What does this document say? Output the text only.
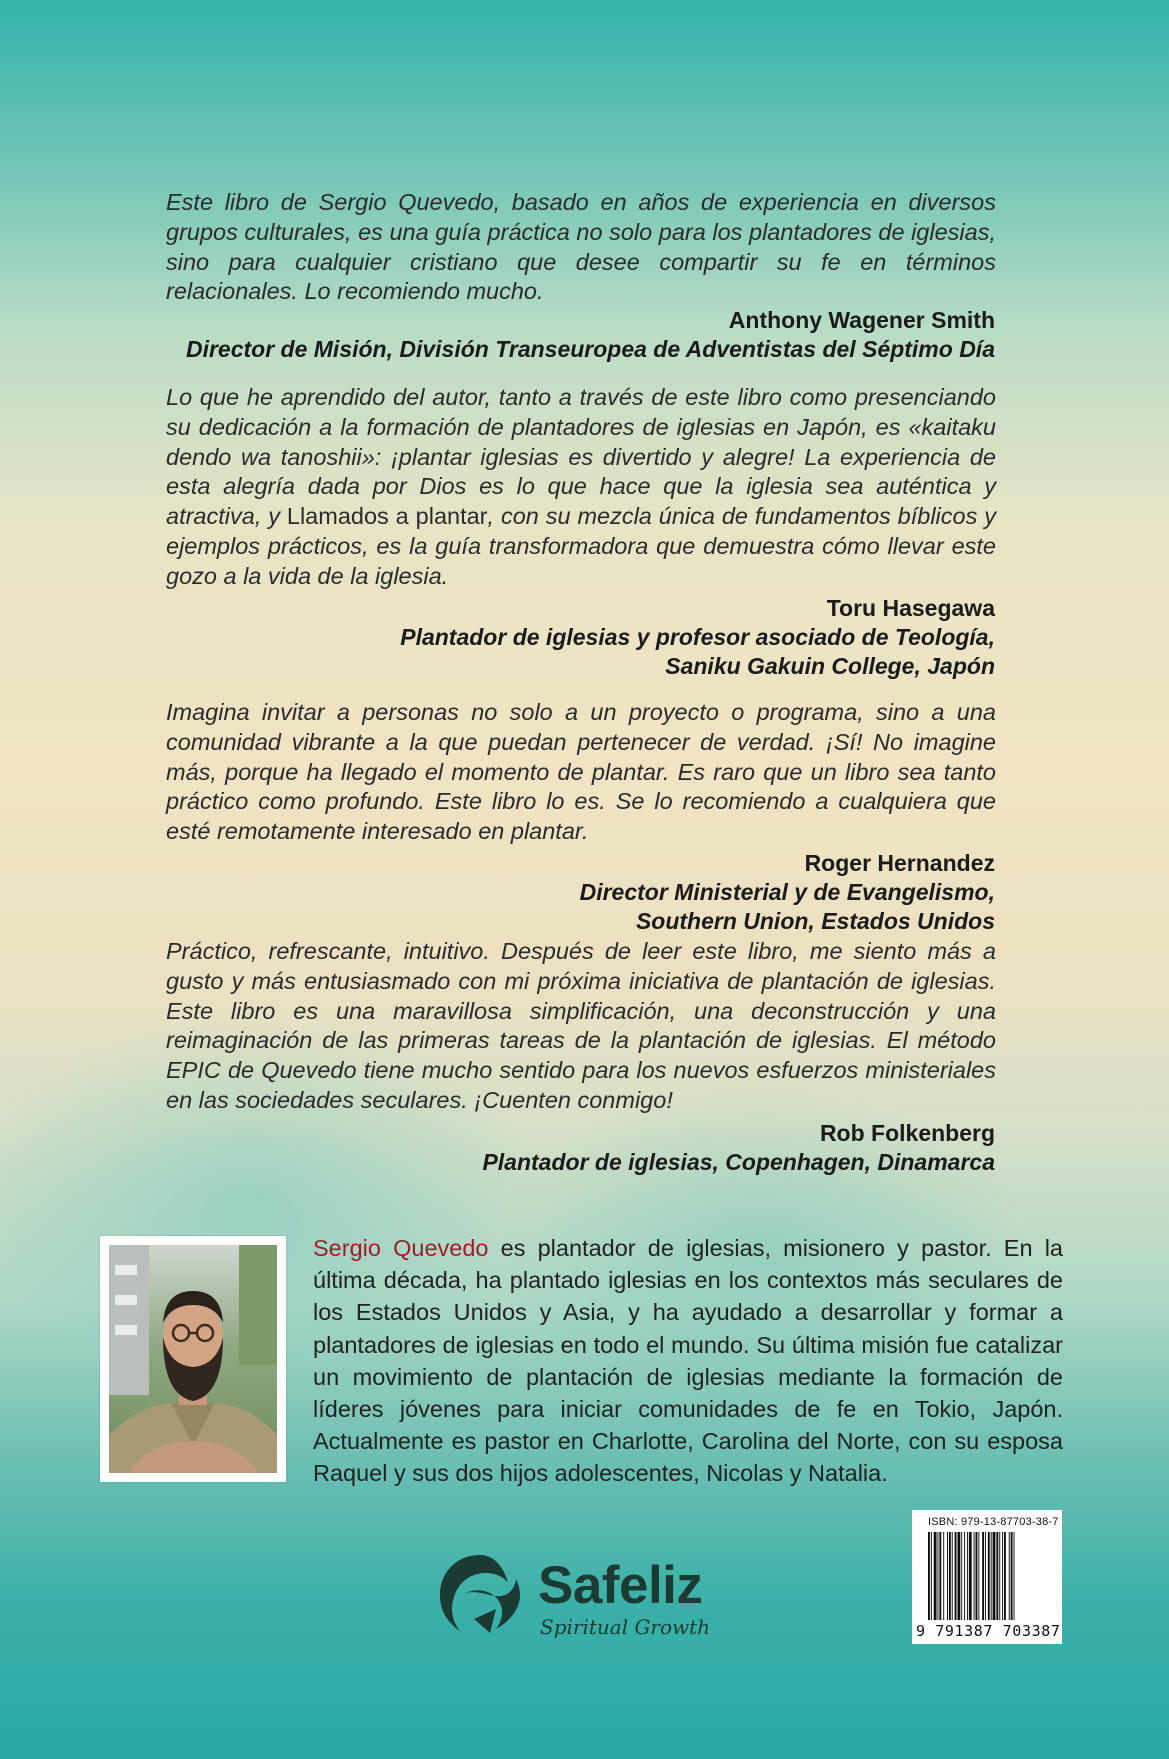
Este libro de Sergio Quevedo, basado en años de experiencia en diversos grupos culturales, es una guía práctica no solo para los plantadores de iglesias, sino para cualquier cristiano que desee compartir su fe en términos relacionales. Lo recomiendo mucho.

Anthony Wagener Smith
Director de Misión, División Transeuropea de Adventistas del Séptimo Día

Lo que he aprendido del autor, tanto a través de este libro como presenciando su dedicación a la formación de plantadores de iglesias en Japón, es «kaitaku dendo wa tanoshii»: ¡plantar iglesias es divertido y alegre! La experiencia de esta alegría dada por Dios es lo que hace que la iglesia sea auténtica y atractiva, y Llamados a plantar, con su mezcla única de fundamentos bíblicos y ejemplos prácticos, es la guía transformadora que demuestra cómo llevar este gozo a la vida de la iglesia.

Toru Hasegawa
Plantador de iglesias y profesor asociado de Teología,
Saniku Gakuin College, Japón

Imagina invitar a personas no solo a un proyecto o programa, sino a una comunidad vibrante a la que puedan pertenecer de verdad. ¡Sí! No imagine más, porque ha llegado el momento de plantar. Es raro que un libro sea tanto práctico como profundo. Este libro lo es. Se lo recomiendo a cualquiera que esté remotamente interesado en plantar.

Roger Hernandez
Director Ministerial y de Evangelismo,
Southern Union, Estados Unidos

Práctico, refrescante, intuitivo. Después de leer este libro, me siento más a gusto y más entusiasmado con mi próxima iniciativa de plantación de iglesias. Este libro es una maravillosa simplificación, una deconstrucción y una reimaginación de las primeras tareas de la plantación de iglesias. El método EPIC de Quevedo tiene mucho sentido para los nuevos esfuerzos ministeriales en las sociedades seculares. ¡Cuenten conmigo!

Rob Folkenberg
Plantador de iglesias, Copenhagen, Dinamarca

Sergio Quevedo es plantador de iglesias, misionero y pastor. En la última década, ha plantado iglesias en los contextos más seculares de los Estados Unidos y Asia, y ha ayudado a desarrollar y formar a plantadores de iglesias en todo el mundo. Su última misión fue catalizar un movimiento de plantación de iglesias mediante la formación de líderes jóvenes para iniciar comunidades de fe en Tokio, Japón. Actualmente es pastor en Charlotte, Carolina del Norte, con su esposa Raquel y sus dos hijos adolescentes, Nicolas y Natalia.

Safeliz
Spiritual Growth
ISBN: 979-13-87703-38-7
9 791387 703387
